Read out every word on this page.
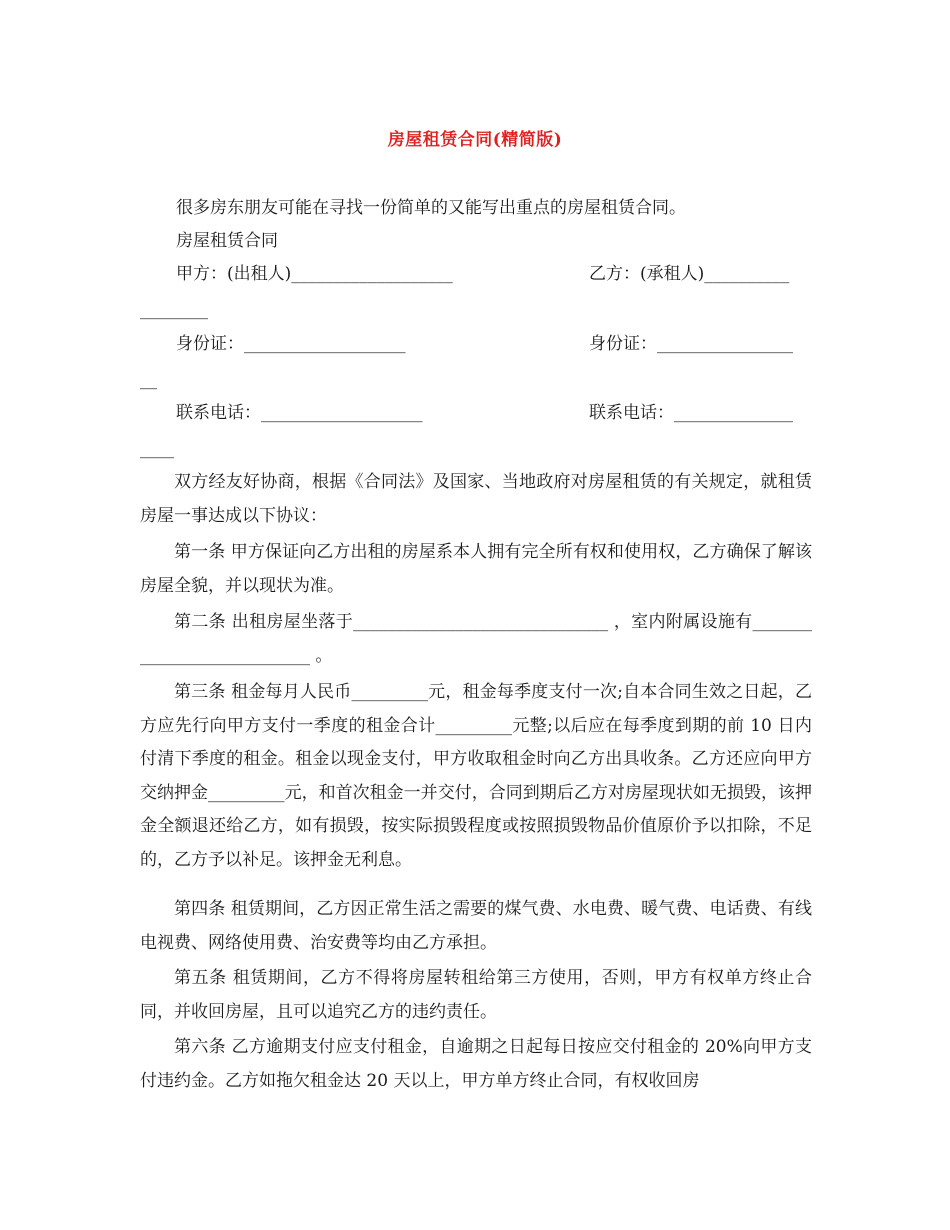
房屋租赁合同(精简版)
很多房东朋友可能在寻找一份简单的又能写出重点的房屋租赁合同。
房屋租赁合同
甲方：(出租人)___________________	乙方：(承租人)__________
________
身份证：___________________	身份证：________________
__
联系电话：___________________	联系电话：______________
____

双方经友好协商，根据《合同法》及国家、当地政府对房屋租赁的有关规定，就租赁房屋一事达成以下协议：

第一条 甲方保证向乙方出租的房屋系本人拥有完全所有权和使用权，乙方确保了解该房屋全貌，并以现状为准。

第二条 出租房屋坐落于______________________________ ，室内附属设施有___________________________ 。

第三条 租金每月人民币_________元，租金每季度支付一次;自本合同生效之日起，乙方应先行向甲方支付一季度的租金合计_________元整;以后应在每季度到期的前 10 日内付清下季度的租金。租金以现金支付，甲方收取租金时向乙方出具收条。乙方还应向甲方交纳押金_________元，和首次租金一并交付，合同到期后乙方对房屋现状如无损毁，该押金全额退还给乙方，如有损毁，按实际损毁程度或按照损毁物品价值原价予以扣除，不足的，乙方予以补足。该押金无利息。

第四条 租赁期间，乙方因正常生活之需要的煤气费、水电费、暖气费、电话费、有线电视费、网络使用费、治安费等均由乙方承担。

第五条 租赁期间，乙方不得将房屋转租给第三方使用，否则，甲方有权单方终止合同，并收回房屋，且可以追究乙方的违约责任。

第六条 乙方逾期支付应支付租金，自逾期之日起每日按应交付租金的 20%向甲方支付违约金。乙方如拖欠租金达 20 天以上，甲方单方终止合同，有权收回房
